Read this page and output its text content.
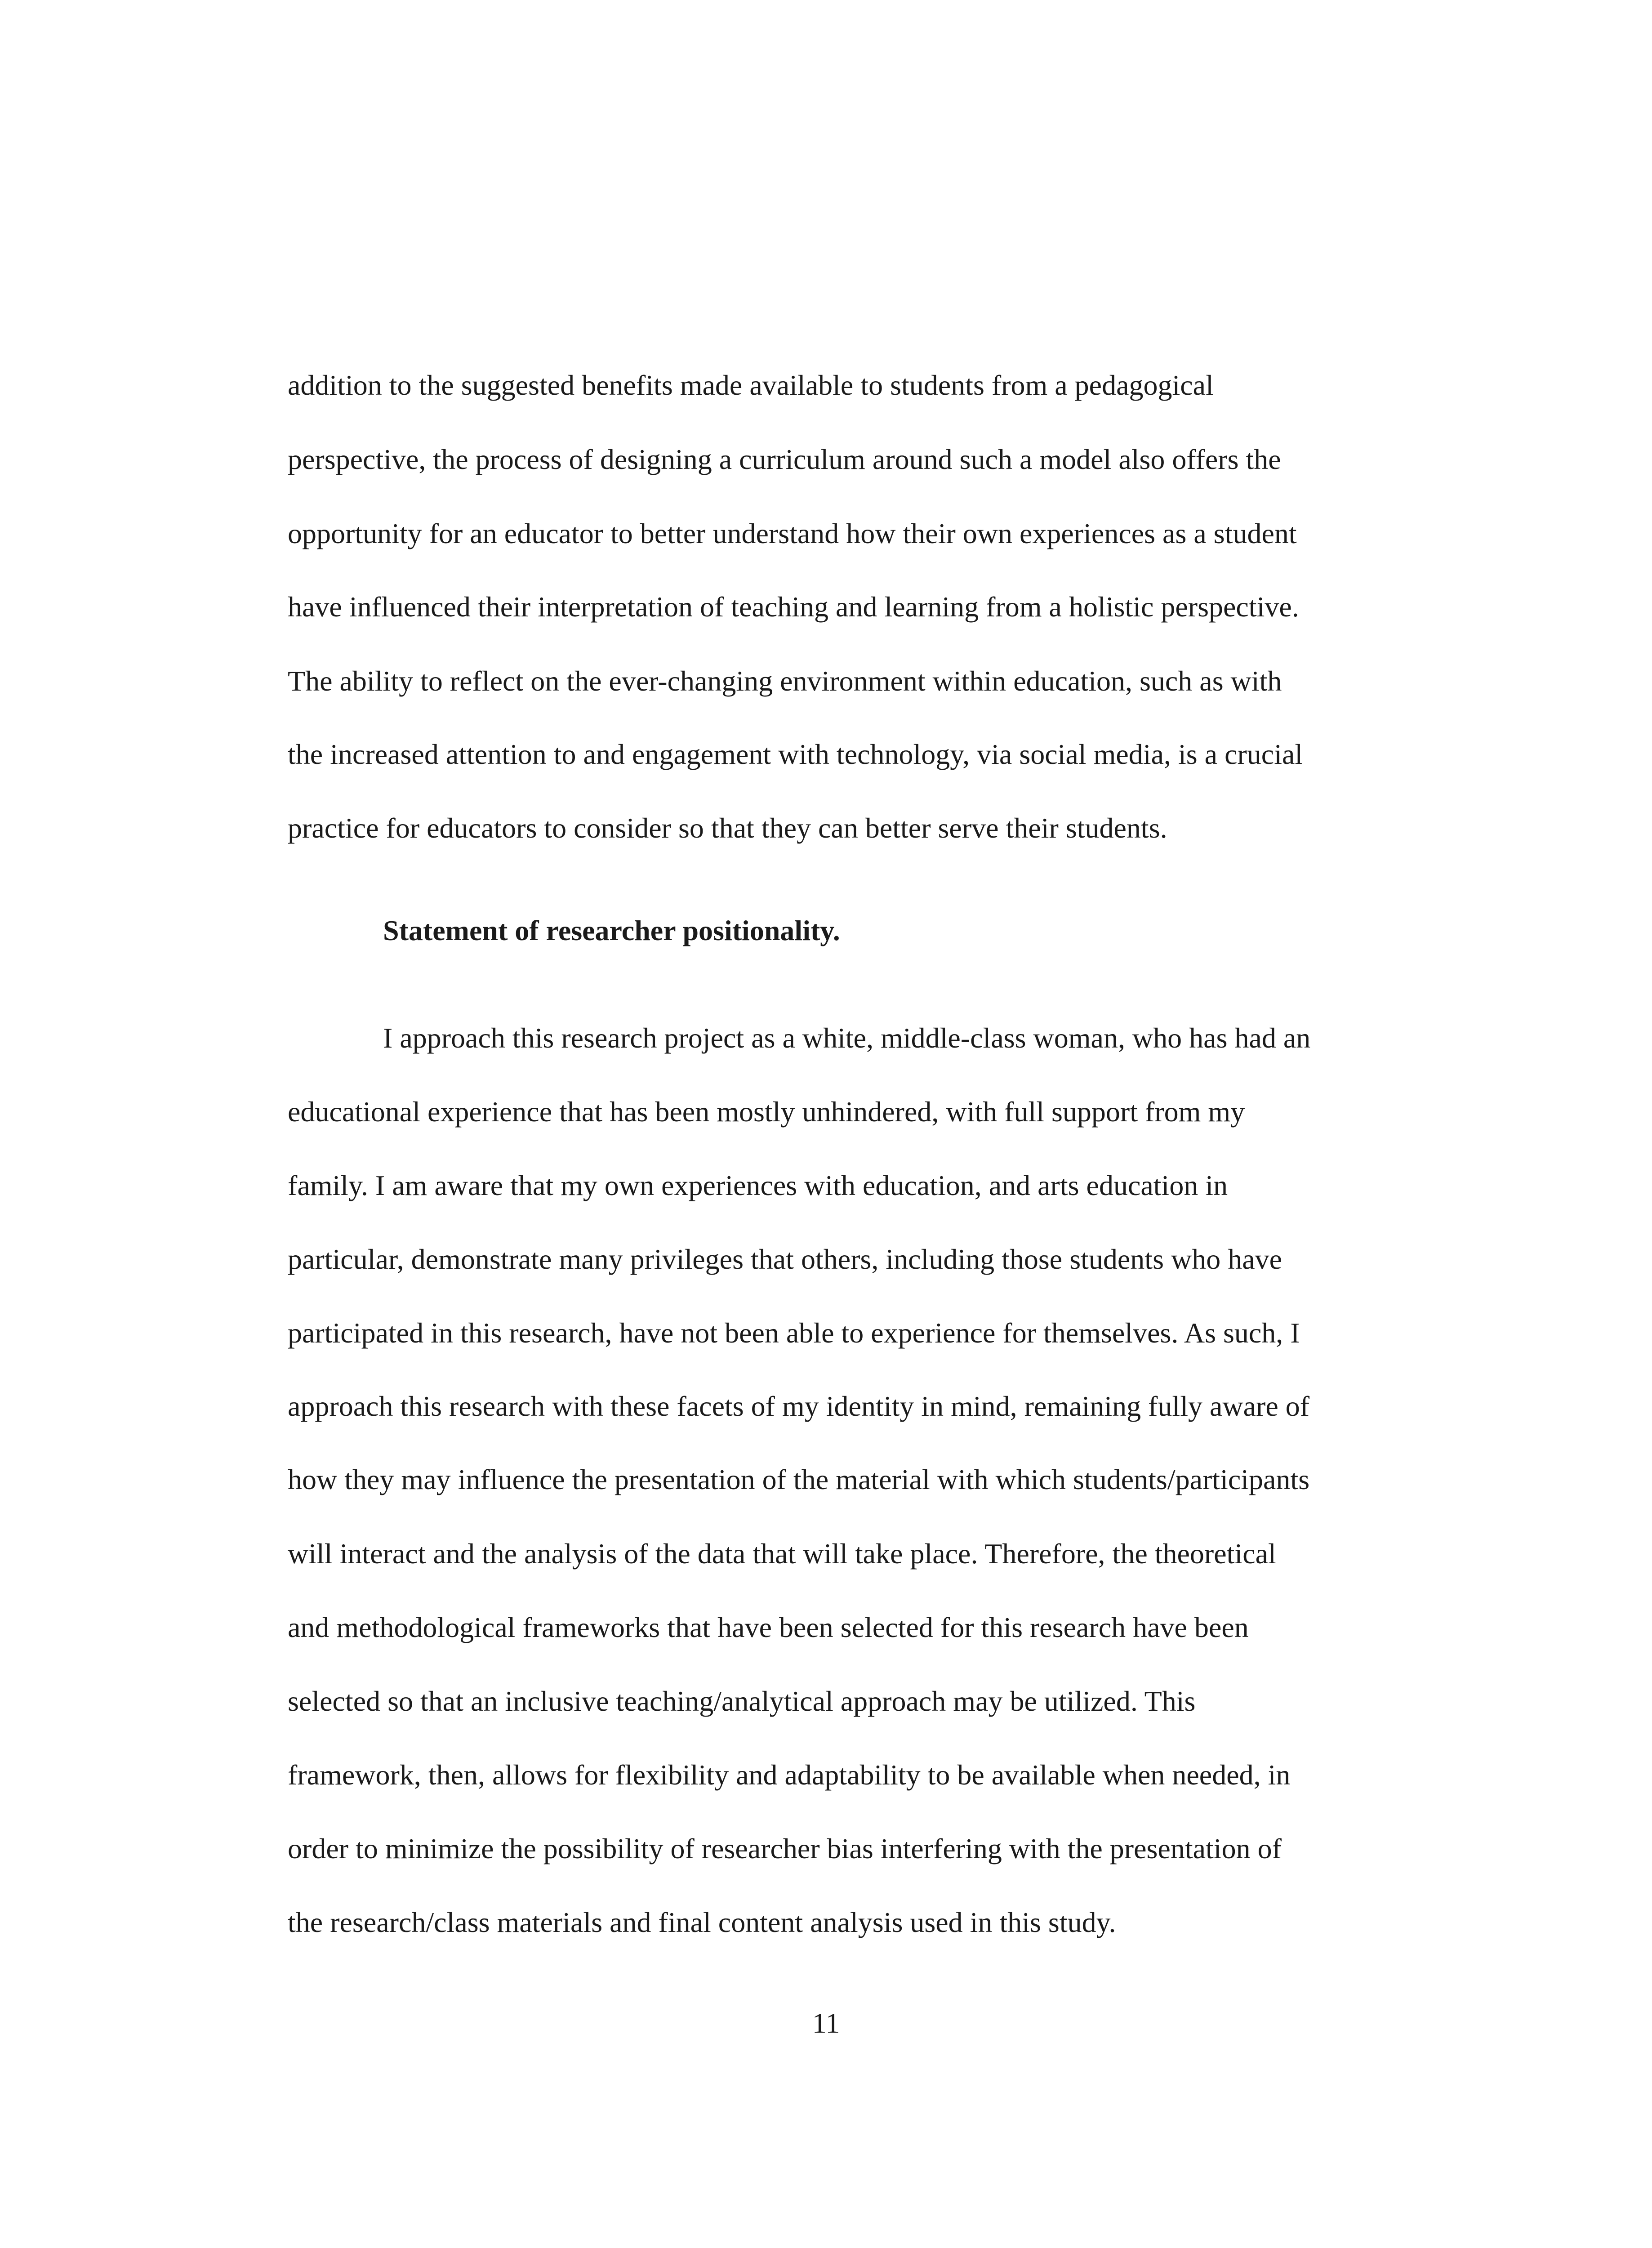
addition to the suggested benefits made available to students from a pedagogical
perspective, the process of designing a curriculum around such a model also offers the
opportunity for an educator to better understand how their own experiences as a student
have influenced their interpretation of teaching and learning from a holistic perspective.
The ability to reflect on the ever-changing environment within education, such as with
the increased attention to and engagement with technology, via social media, is a crucial
practice for educators to consider so that they can better serve their students.
Statement of researcher positionality.
I approach this research project as a white, middle-class woman, who has had an
educational experience that has been mostly unhindered, with full support from my
family. I am aware that my own experiences with education, and arts education in
particular, demonstrate many privileges that others, including those students who have
participated in this research, have not been able to experience for themselves. As such, I
approach this research with these facets of my identity in mind, remaining fully aware of
how they may influence the presentation of the material with which students/participants
will interact and the analysis of the data that will take place. Therefore, the theoretical
and methodological frameworks that have been selected for this research have been
selected so that an inclusive teaching/analytical approach may be utilized. This
framework, then, allows for flexibility and adaptability to be available when needed, in
order to minimize the possibility of researcher bias interfering with the presentation of
the research/class materials and final content analysis used in this study.
11
